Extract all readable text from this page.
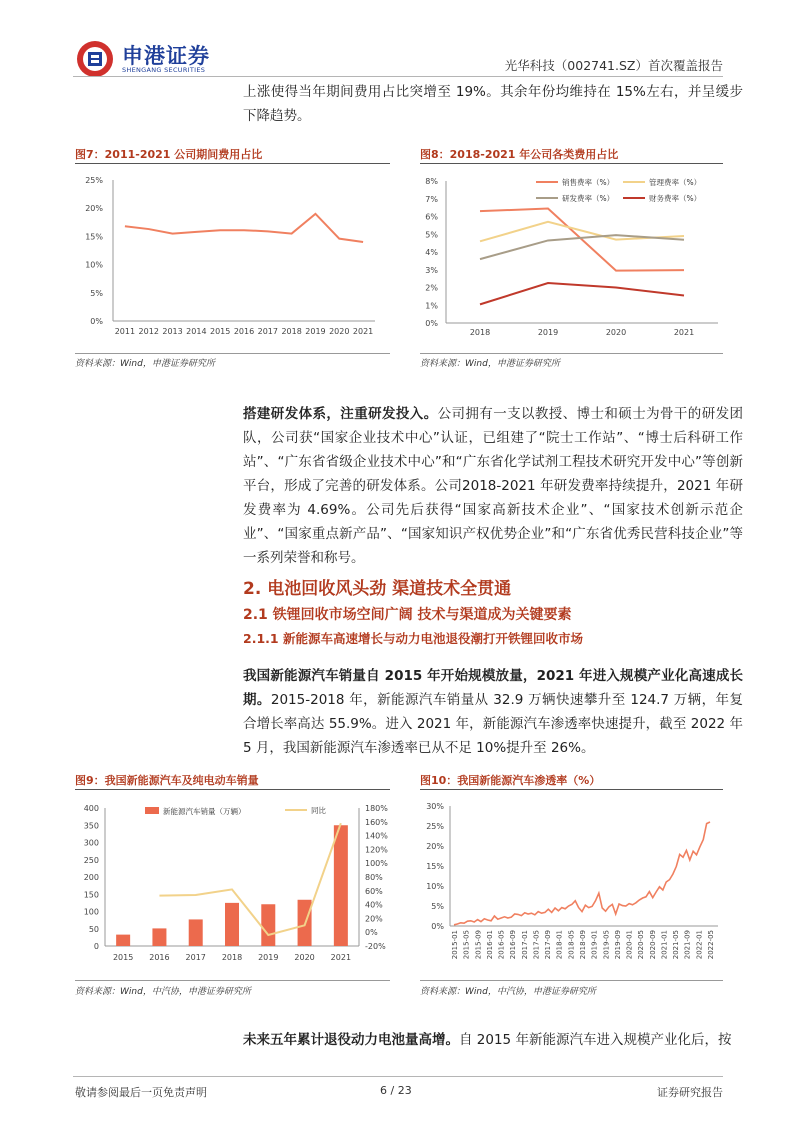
申港证券
SHENGANG SECURITIES	光华科技（002741.SZ）首次覆盖报告
上涨使得当年期间费用占比突增至 19%。其余年份均维持在 15%左右，并呈缓步下降趋势。
图7：2011-2021 公司期间费用占比
0%
5%
10%
15%
20%
25%
2011 2012 2013 2014 2015 2016 2017 2018 2019 2020 2021
资料来源：Wind，申港证券研究所
图8：2018-2021 年公司各类费用占比
0%
1%
2%
3%
4%
5%
6%
7%
8%
2018	2019	2020	2021
销售费率（%）	管理费率（%）
研发费率（%）	财务费率（%）
资料来源：Wind，申港证券研究所
搭建研发体系，注重研发投入。公司拥有一支以教授、博士和硕士为骨干的研发团队，公司获“国家企业技术中心”认证，已组建了“院士工作站”、“博士后科研工作站”、“广东省省级企业技术中心”和“广东省化学试剂工程技术研究开发中心”等创新平台，形成了完善的研发体系。公司2018-2021 年研发费率持续提升，2021 年研发费率为 4.69%。公司先后获得“国家高新技术企业”、“国家技术创新示范企业”、“国家重点新产品”、“国家知识产权优势企业”和“广东省优秀民营科技企业”等一系列荣誉和称号。
2. 电池回收风头劲 渠道技术全贯通
2.1 铁锂回收市场空间广阔 技术与渠道成为关键要素
2.1.1 新能源车高速增长与动力电池退役潮打开铁锂回收市场
我国新能源汽车销量自 2015 年开始规模放量，2021 年进入规模产业化高速成长期。2015-2018 年，新能源汽车销量从 32.9 万辆快速攀升至 124.7 万辆，年复合增长率高达 55.9%。进入 2021 年，新能源汽车渗透率快速提升，截至 2022 年 5 月，我国新能源汽车渗透率已从不足 10%提升至 26%。
图9：我国新能源汽车及纯电动车销量
0
50
100
150
200
250
300
350
400
-20%
0%
20%
40%
60%
80%
100%
120%
140%
160%
180%
2015 2016 2017 2018 2019 2020 2021
新能源汽车销量（万辆）	同比
资料来源：Wind，中汽协，申港证券研究所
图10：我国新能源汽车渗透率（%）
0%
5%
10%
15%
20%
25%
30%
2015-01 2015-05 2015-09 2016-01 2016-05 2016-09 2017-01 2017-05 2017-09 2018-01 2018-05 2018-09 2019-01 2019-05 2019-09 2020-01 2020-05 2020-09 2021-01 2021-05 2021-09 2022-01 2022-05
资料来源：Wind，中汽协，申港证券研究所
未来五年累计退役动力电池量高增。自 2015 年新能源汽车进入规模产业化后，按
敬请参阅最后一页免责声明	6 / 23	证券研究报告
